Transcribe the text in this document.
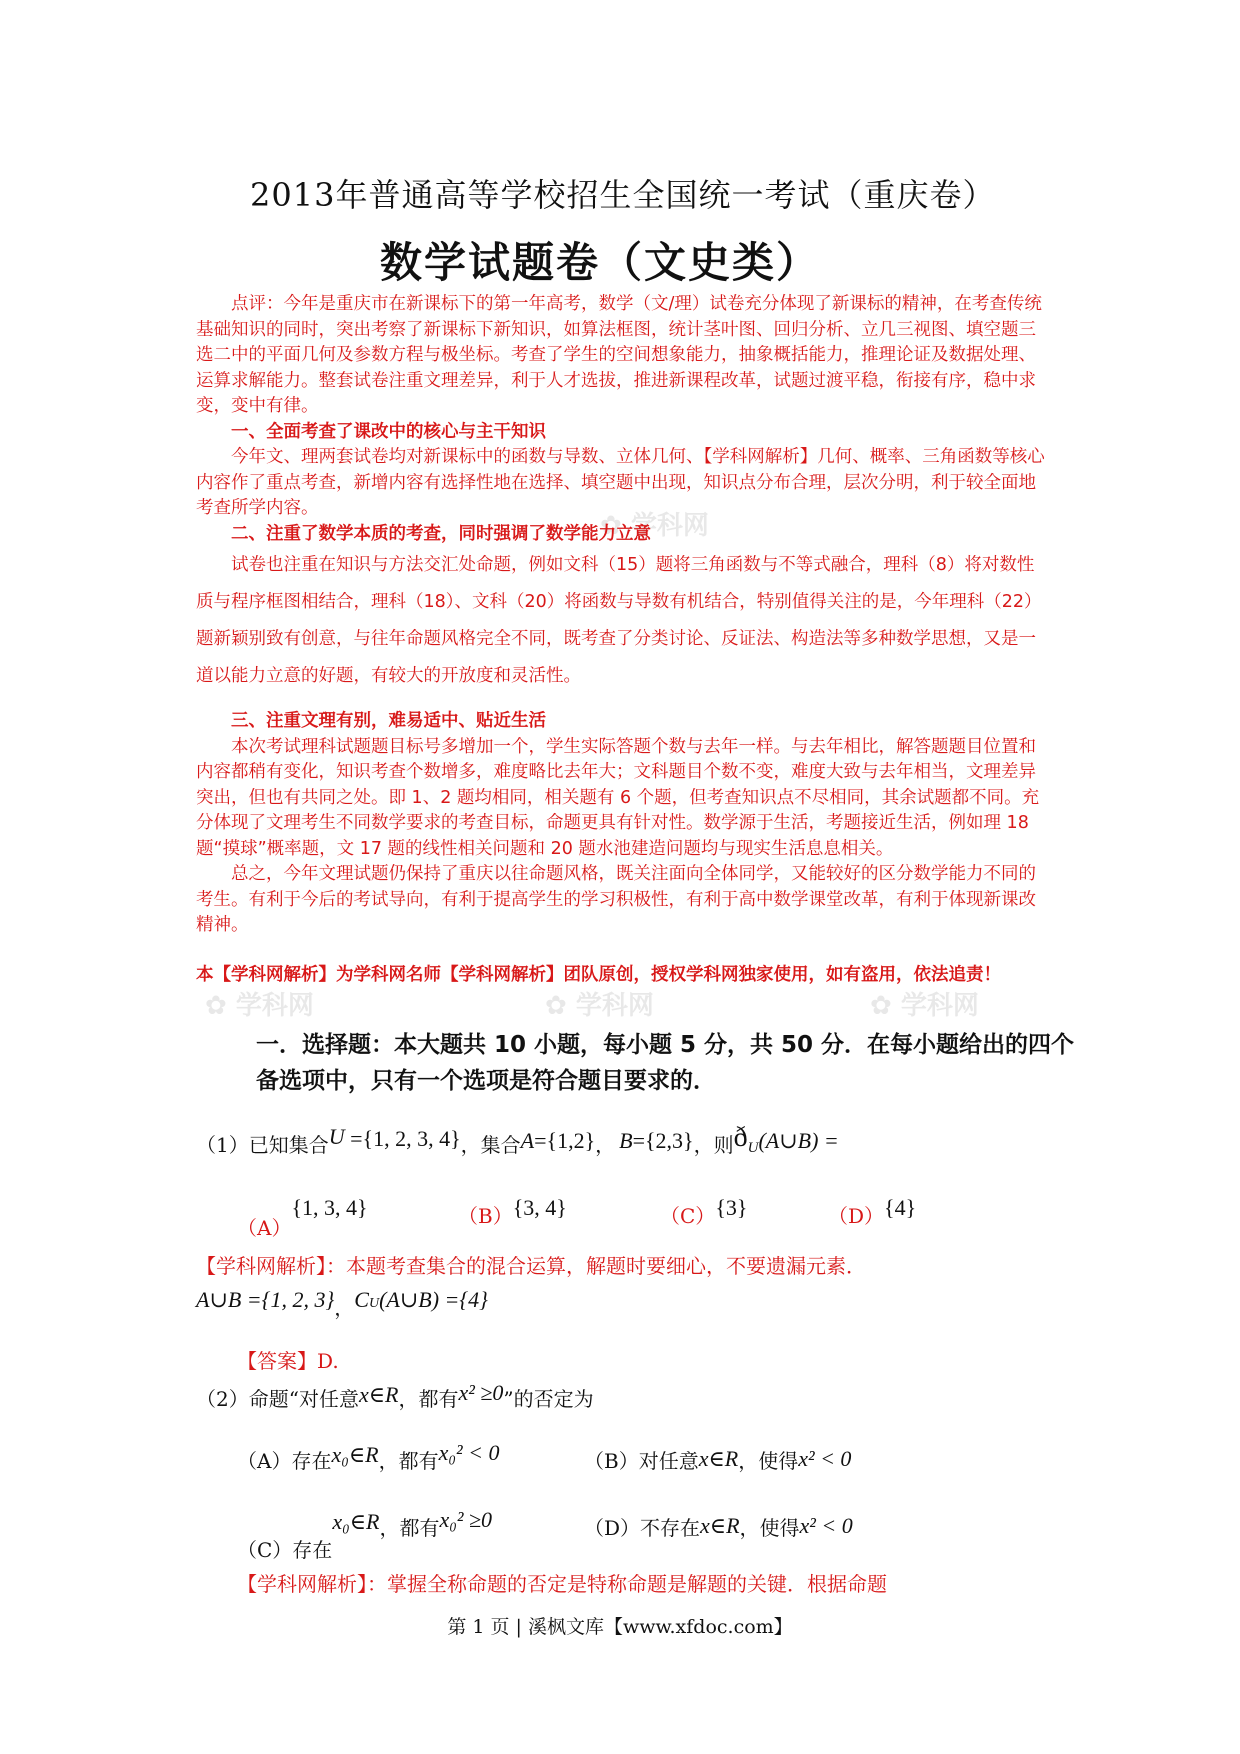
✿ 学科网	✿ 学科网	✿ 学科网
✿ 学科网
2013年普通高等学校招生全国统一考试（重庆卷）
数学试题卷（文史类）

点评：今年是重庆市在新课标下的第一年高考，数学（文/理）试卷充分体现了新课标的精神，在考查传统基础知识的同时，突出考察了新课标下新知识，如算法框图，统计茎叶图、回归分析、立几三视图、填空题三选二中的平面几何及参数方程与极坐标。考查了学生的空间想象能力，抽象概括能力，推理论证及数据处理、运算求解能力。整套试卷注重文理差异，利于人才选拔，推进新课程改革，试题过渡平稳，衔接有序，稳中求变，变中有律。

一、全面考查了课改中的核心与主干知识

今年文、理两套试卷均对新课标中的函数与导数、立体几何、【学科网解析】几何、概率、三角函数等核心内容作了重点考查，新增内容有选择性地在选择、填空题中出现，知识点分布合理，层次分明，利于较全面地考查所学内容。

二、注重了数学本质的考查，同时强调了数学能力立意

试卷也注重在知识与方法交汇处命题，例如文科（15）题将三角函数与不等式融合，理科（8）将对数性质与程序框图相结合，理科（18）、文科（20）将函数与导数有机结合，特别值得关注的是，今年理科（22）题新颖别致有创意，与往年命题风格完全不同，既考查了分类讨论、反证法、构造法等多种数学思想，又是一道以能力立意的好题，有较大的开放度和灵活性。

三、注重文理有别，难易适中、贴近生活

本次考试理科试题题目标号多增加一个，学生实际答题个数与去年一样。与去年相比，解答题题目位置和内容都稍有变化，知识考查个数增多，难度略比去年大；文科题目个数不变，难度大致与去年相当，文理差异突出，但也有共同之处。即 1、2 题均相同，相关题有 6 个题，但考查知识点不尽相同，其余试题都不同。充分体现了文理考生不同数学要求的考查目标，命题更具有针对性。数学源于生活，考题接近生活，例如理 18 题“摸球”概率题，文 17 题的线性相关问题和 20 题水池建造问题均与现实生活息息相关。

总之，今年文理试题仍保持了重庆以往命题风格，既关注面向全体同学，又能较好的区分数学能力不同的考生。有利于今后的考试导向，有利于提高学生的学习积极性，有利于高中数学课堂改革，有利于体现新课改精神。

本【学科网解析】为学科网名师【学科网解析】团队原创，授权学科网独家使用，如有盗用，依法追责！
一．选择题：本大题共 10 小题，每小题 5 分，共 50 分．在每小题给出的四个备选项中，只有一个选项是符合题目要求的．
（1）已知集合U ={1, 2, 3, 4}，集合A={1,2}， B={2,3}，则ðU(A∪B) =
（A）{1, 3, 4}	（B）{3, 4}	（C）{3}	（D）{4}
【学科网解析】：本题考查集合的混合运算，解题时要细心，不要遗漏元素．
A∪B ={1, 2, 3}，CU(A∪B) ={4}
【答案】D.
（2）命题“对任意x∈R，都有x² ≥0”的否定为
（A）存在x₀∈R，都有x₀² < 0	（B）对任意x∈R，使得x² < 0
（C）存在x₀∈R，都有x₀² ≥0	（D）不存在x∈R，使得x² < 0
【学科网解析】：掌握全称命题的否定是特称命题是解题的关键．根据命题
第 1 页 | 溪枫文库【www.xfdoc.com】
